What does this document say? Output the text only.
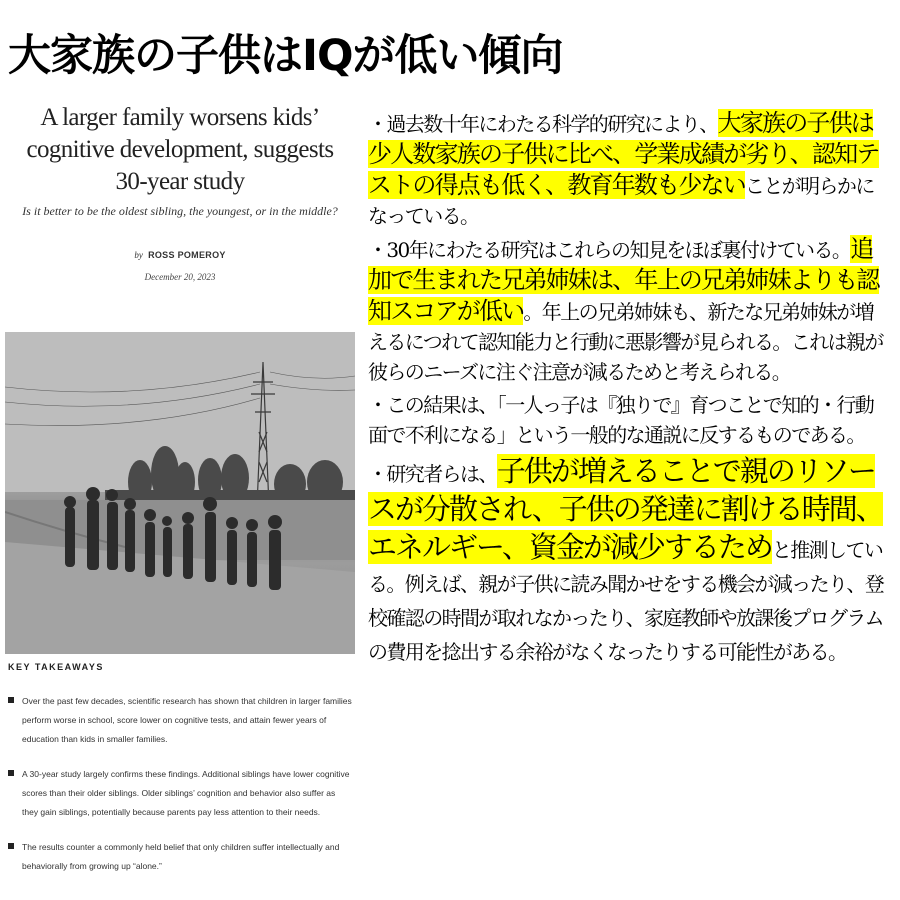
大家族の子供はIQが低い傾向
A larger family worsens kids’ cognitive development, suggests 30-year study
Is it better to be the oldest sibling, the youngest, or in the middle?
by ROSS POMEROY
December 20, 2023
KEY TAKEAWAYS
Over the past few decades, scientific research has shown that children in larger families perform worse in school, score lower on cognitive tests, and attain fewer years of education than kids in smaller families.
A 30-year study largely confirms these findings. Additional siblings have lower cognitive scores than their older siblings. Older siblings’ cognition and behavior also suffer as they gain siblings, potentially because parents pay less attention to their needs.
The results counter a commonly held belief that only children suffer intellectually and behaviorally from growing up “alone.”

・過去数十年にわたる科学的研究により、大家族の子供は少人数家族の子供に比べ、学業成績が劣り、認知テストの得点も低く、教育年数も少ないことが明らかになっている。

・30年にわたる研究はこれらの知見をほぼ裏付けている。追加で生まれた兄弟姉妹は、年上の兄弟姉妹よりも認知スコアが低い。年上の兄弟姉妹も、新たな兄弟姉妹が増えるにつれて認知能力と行動に悪影響が見られる。これは親が彼らのニーズに注ぐ注意が減るためと考えられる。

・この結果は、「一人っ子は『独りで』育つことで知的・行動面で不利になる」という一般的な通説に反するものである。

・研究者らは、子供が増えることで親のリソースが分散され、子供の発達に割ける時間、エネルギー、資金が減少するためと推測している。例えば、親が子供に読み聞かせをする機会が減ったり、登校確認の時間が取れなかったり、家庭教師や放課後プログラムの費用を捻出する余裕がなくなったりする可能性がある。
